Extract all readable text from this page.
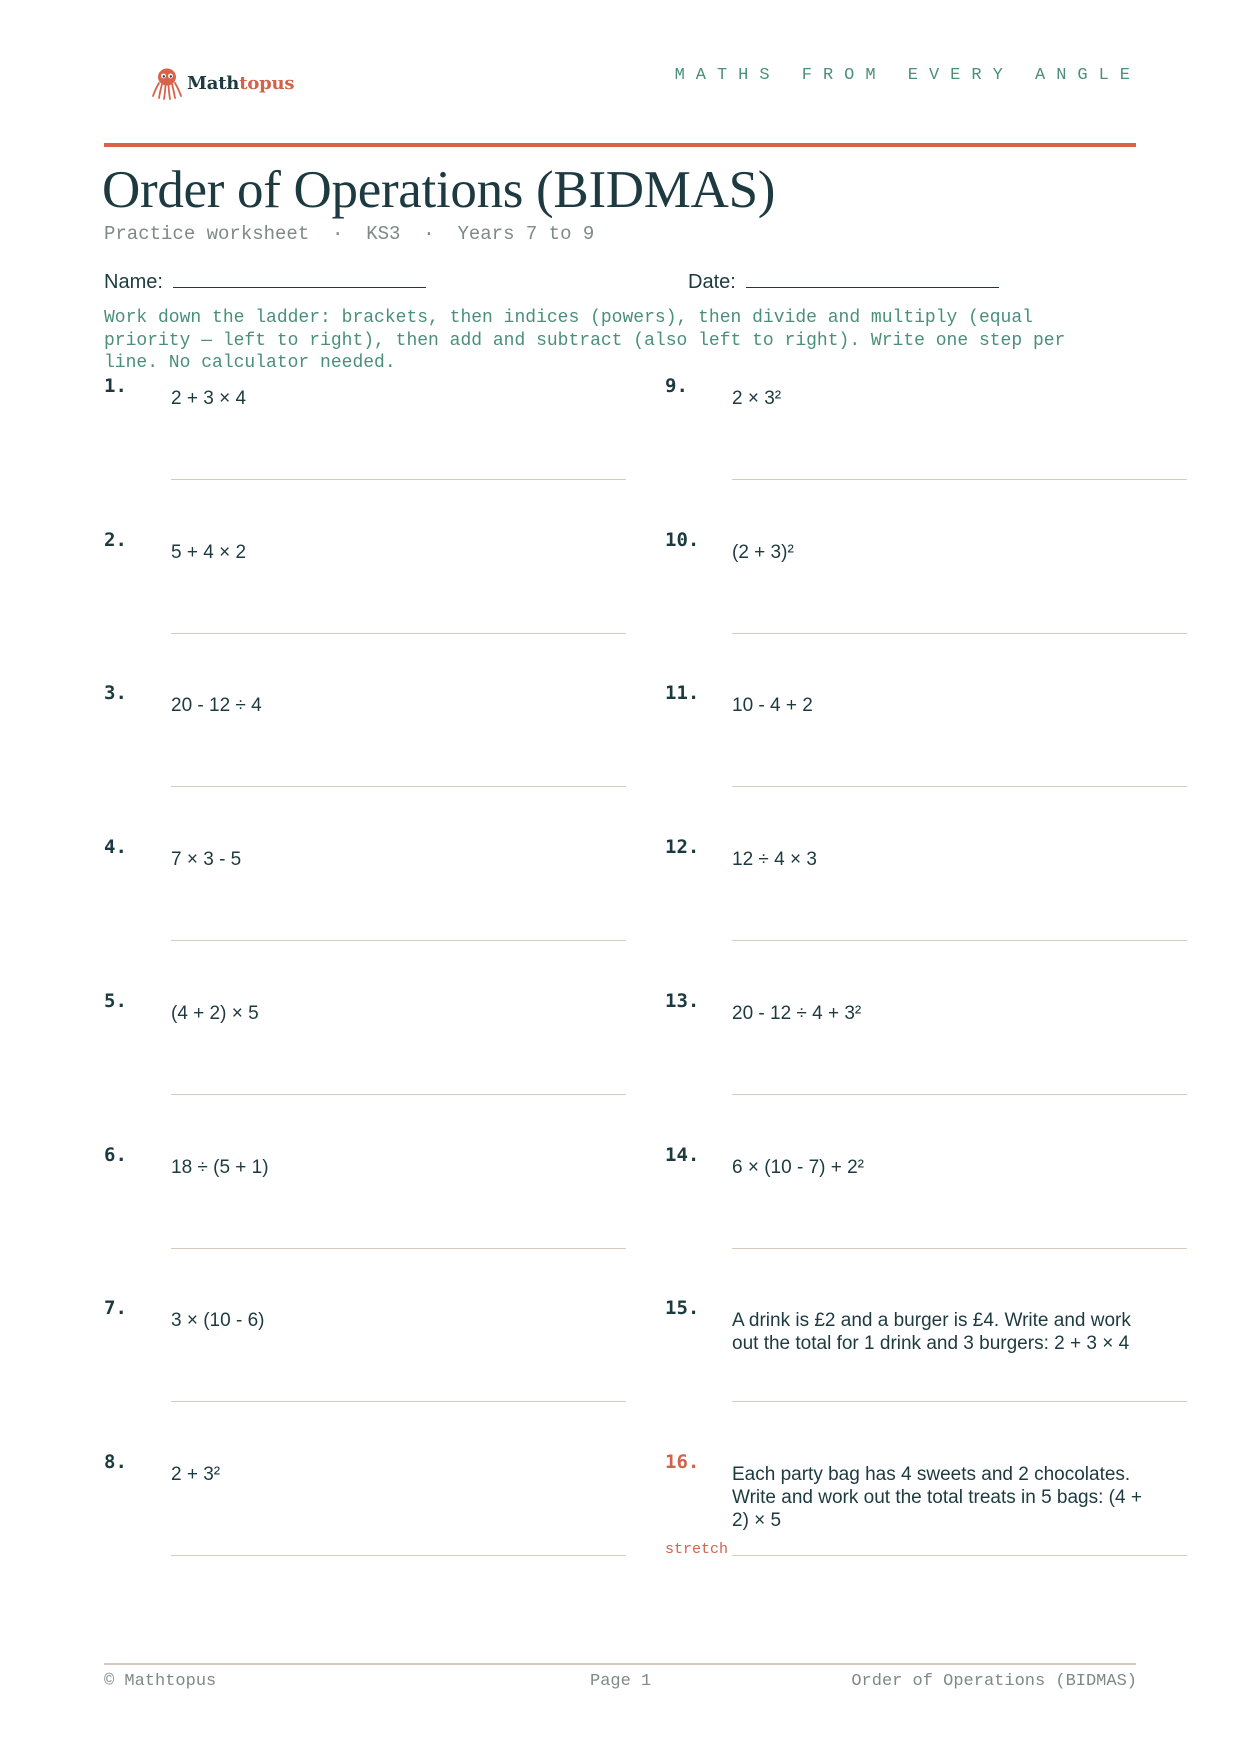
Mathtopus	MATHS FROM EVERY ANGLE
Order of Operations (BIDMAS)
Practice worksheet  ·  KS3  ·  Years 7 to 9
Name:	Date:
Work down the ladder: brackets, then indices (powers), then divide and multiply (equal priority — left to right), then add and subtract (also left to right). Write one step per line. No calculator needed.
1.
2 + 3 × 4
2.
5 + 4 × 2
3.
20 - 12 ÷ 4
4.
7 × 3 - 5
5.
(4 + 2) × 5
6.
18 ÷ (5 + 1)
7.
3 × (10 - 6)
8.
2 + 3²
9.
2 × 3²
10.
(2 + 3)²
11.
10 - 4 + 2
12.
12 ÷ 4 × 3
13.
20 - 12 ÷ 4 + 3²
14.
6 × (10 - 7) + 2²
15.
A drink is £2 and a burger is £4. Write and work out the total for 1 drink and 3 burgers: 2 + 3 × 4
16.
Each party bag has 4 sweets and 2 chocolates. Write and work out the total treats in 5 bags: (4 + 2) × 5
stretch
© Mathtopus	Page 1	Order of Operations (BIDMAS)
